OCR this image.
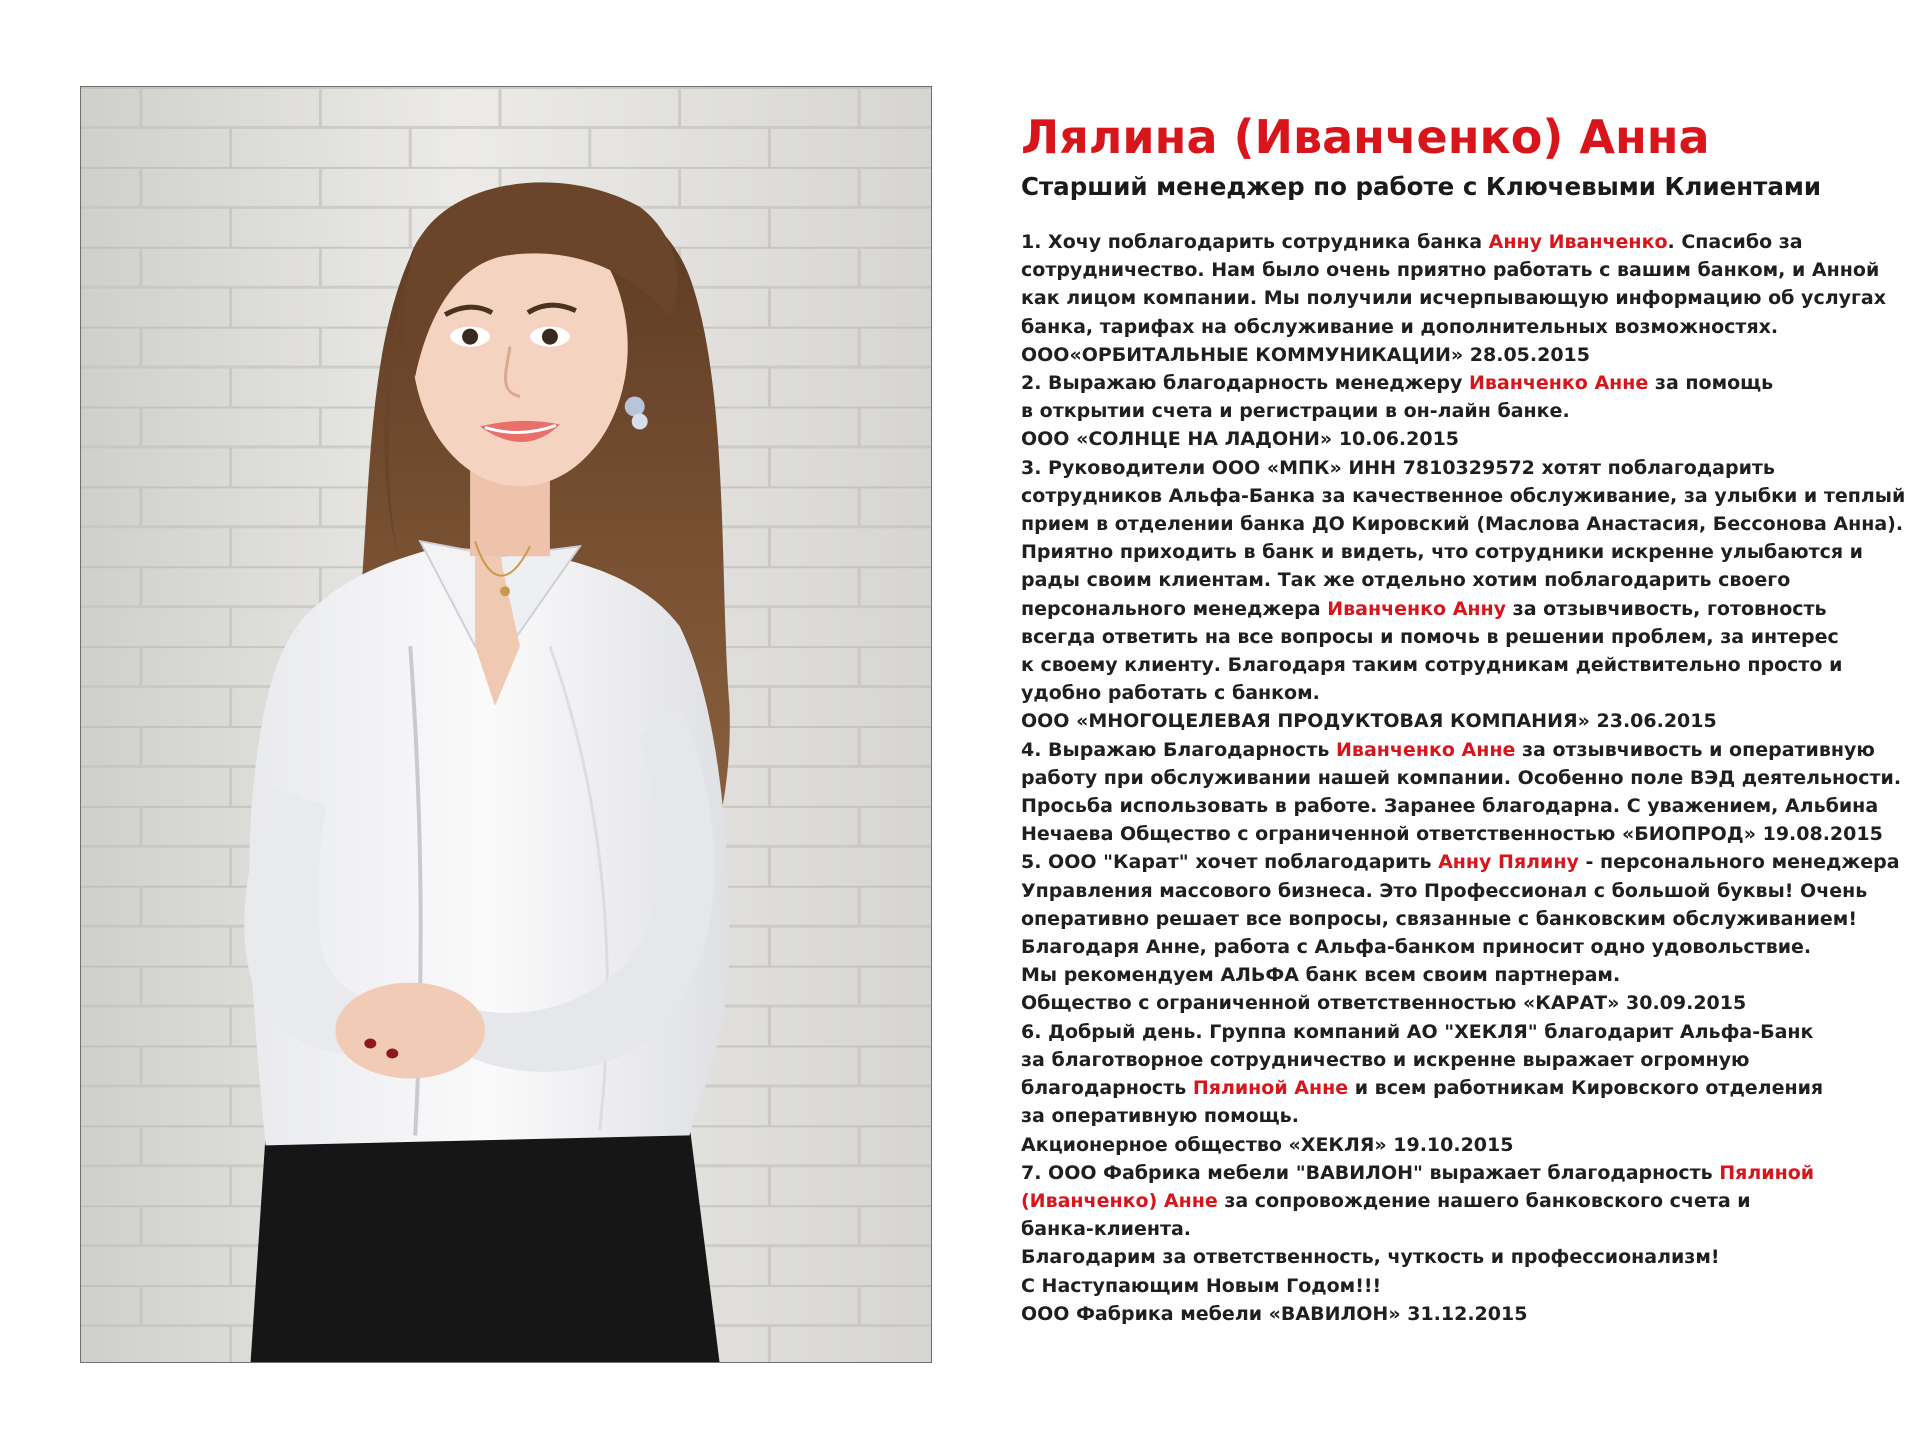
Лялина (Иванченко) Анна
Старший менеджер по работе с Ключевыми Клиентами
1. Хочу поблагодарить сотрудника банка Анну Иванченко. Спасибо за
сотрудничество. Нам было очень приятно работать с вашим банком, и Анной
как лицом компании. Мы получили исчерпывающую информацию об услугах
банка, тарифах на обслуживание и дополнительных возможностях.
ООО«ОРБИТАЛЬНЫЕ КОММУНИКАЦИИ» 28.05.2015
2. Выражаю благодарность менеджеру Иванченко Анне за помощь
в открытии счета и регистрации в он-лайн банке.
ООО «СОЛНЦЕ НА ЛАДОНИ» 10.06.2015
3. Руководители ООО «МПК» ИНН 7810329572 хотят поблагодарить
сотрудников Альфа-Банка за качественное обслуживание, за улыбки и теплый
прием в отделении банка ДО Кировский (Маслова Анастасия, Бессонова Анна).
Приятно приходить в банк и видеть, что сотрудники искренне улыбаются и
рады своим клиентам. Так же отдельно хотим поблагодарить своего
персонального менеджера Иванченко Анну за отзывчивость, готовность
всегда ответить на все вопросы и помочь в решении проблем, за интерес
к своему клиенту. Благодаря таким сотрудникам действительно просто и
удобно работать с банком.
ООО «МНОГОЦЕЛЕВАЯ ПРОДУКТОВАЯ КОМПАНИЯ» 23.06.2015
4. Выражаю Благодарность Иванченко Анне за отзывчивость и оперативную
работу при обслуживании нашей компании. Особенно поле ВЭД деятельности.
Просьба использовать в работе. Заранее благодарна. С уважением, Альбина
Нечаева Общество с ограниченной ответственностью «БИОПРОД» 19.08.2015
5. ООО "Карат" хочет поблагодарить Анну Пялину - персонального менеджера
Управления массового бизнеса. Это Профессионал с большой буквы! Очень
оперативно решает все вопросы, связанные с банковским обслуживанием!
Благодаря Анне, работа с Альфа-банком приносит одно удовольствие.
Мы рекомендуем АЛЬФА банк всем своим партнерам.
Общество с ограниченной ответственностью «КАРАТ» 30.09.2015
6. Добрый день. Группа компаний АО "ХЕКЛЯ" благодарит Альфа-Банк
за благотворное сотрудничество и искренне выражает огромную
благодарность Пялиной Анне и всем работникам Кировского отделения
за оперативную помощь.
Акционерное общество «ХЕКЛЯ» 19.10.2015
7. ООО Фабрика мебели "ВАВИЛОН" выражает благодарность Пялиной
(Иванченко) Анне за сопровождение нашего банковского счета и
банка-клиента.
Благодарим за ответственность, чуткость и профессионализм!
С Наступающим Новым Годом!!!
ООО Фабрика мебели «ВАВИЛОН» 31.12.2015
